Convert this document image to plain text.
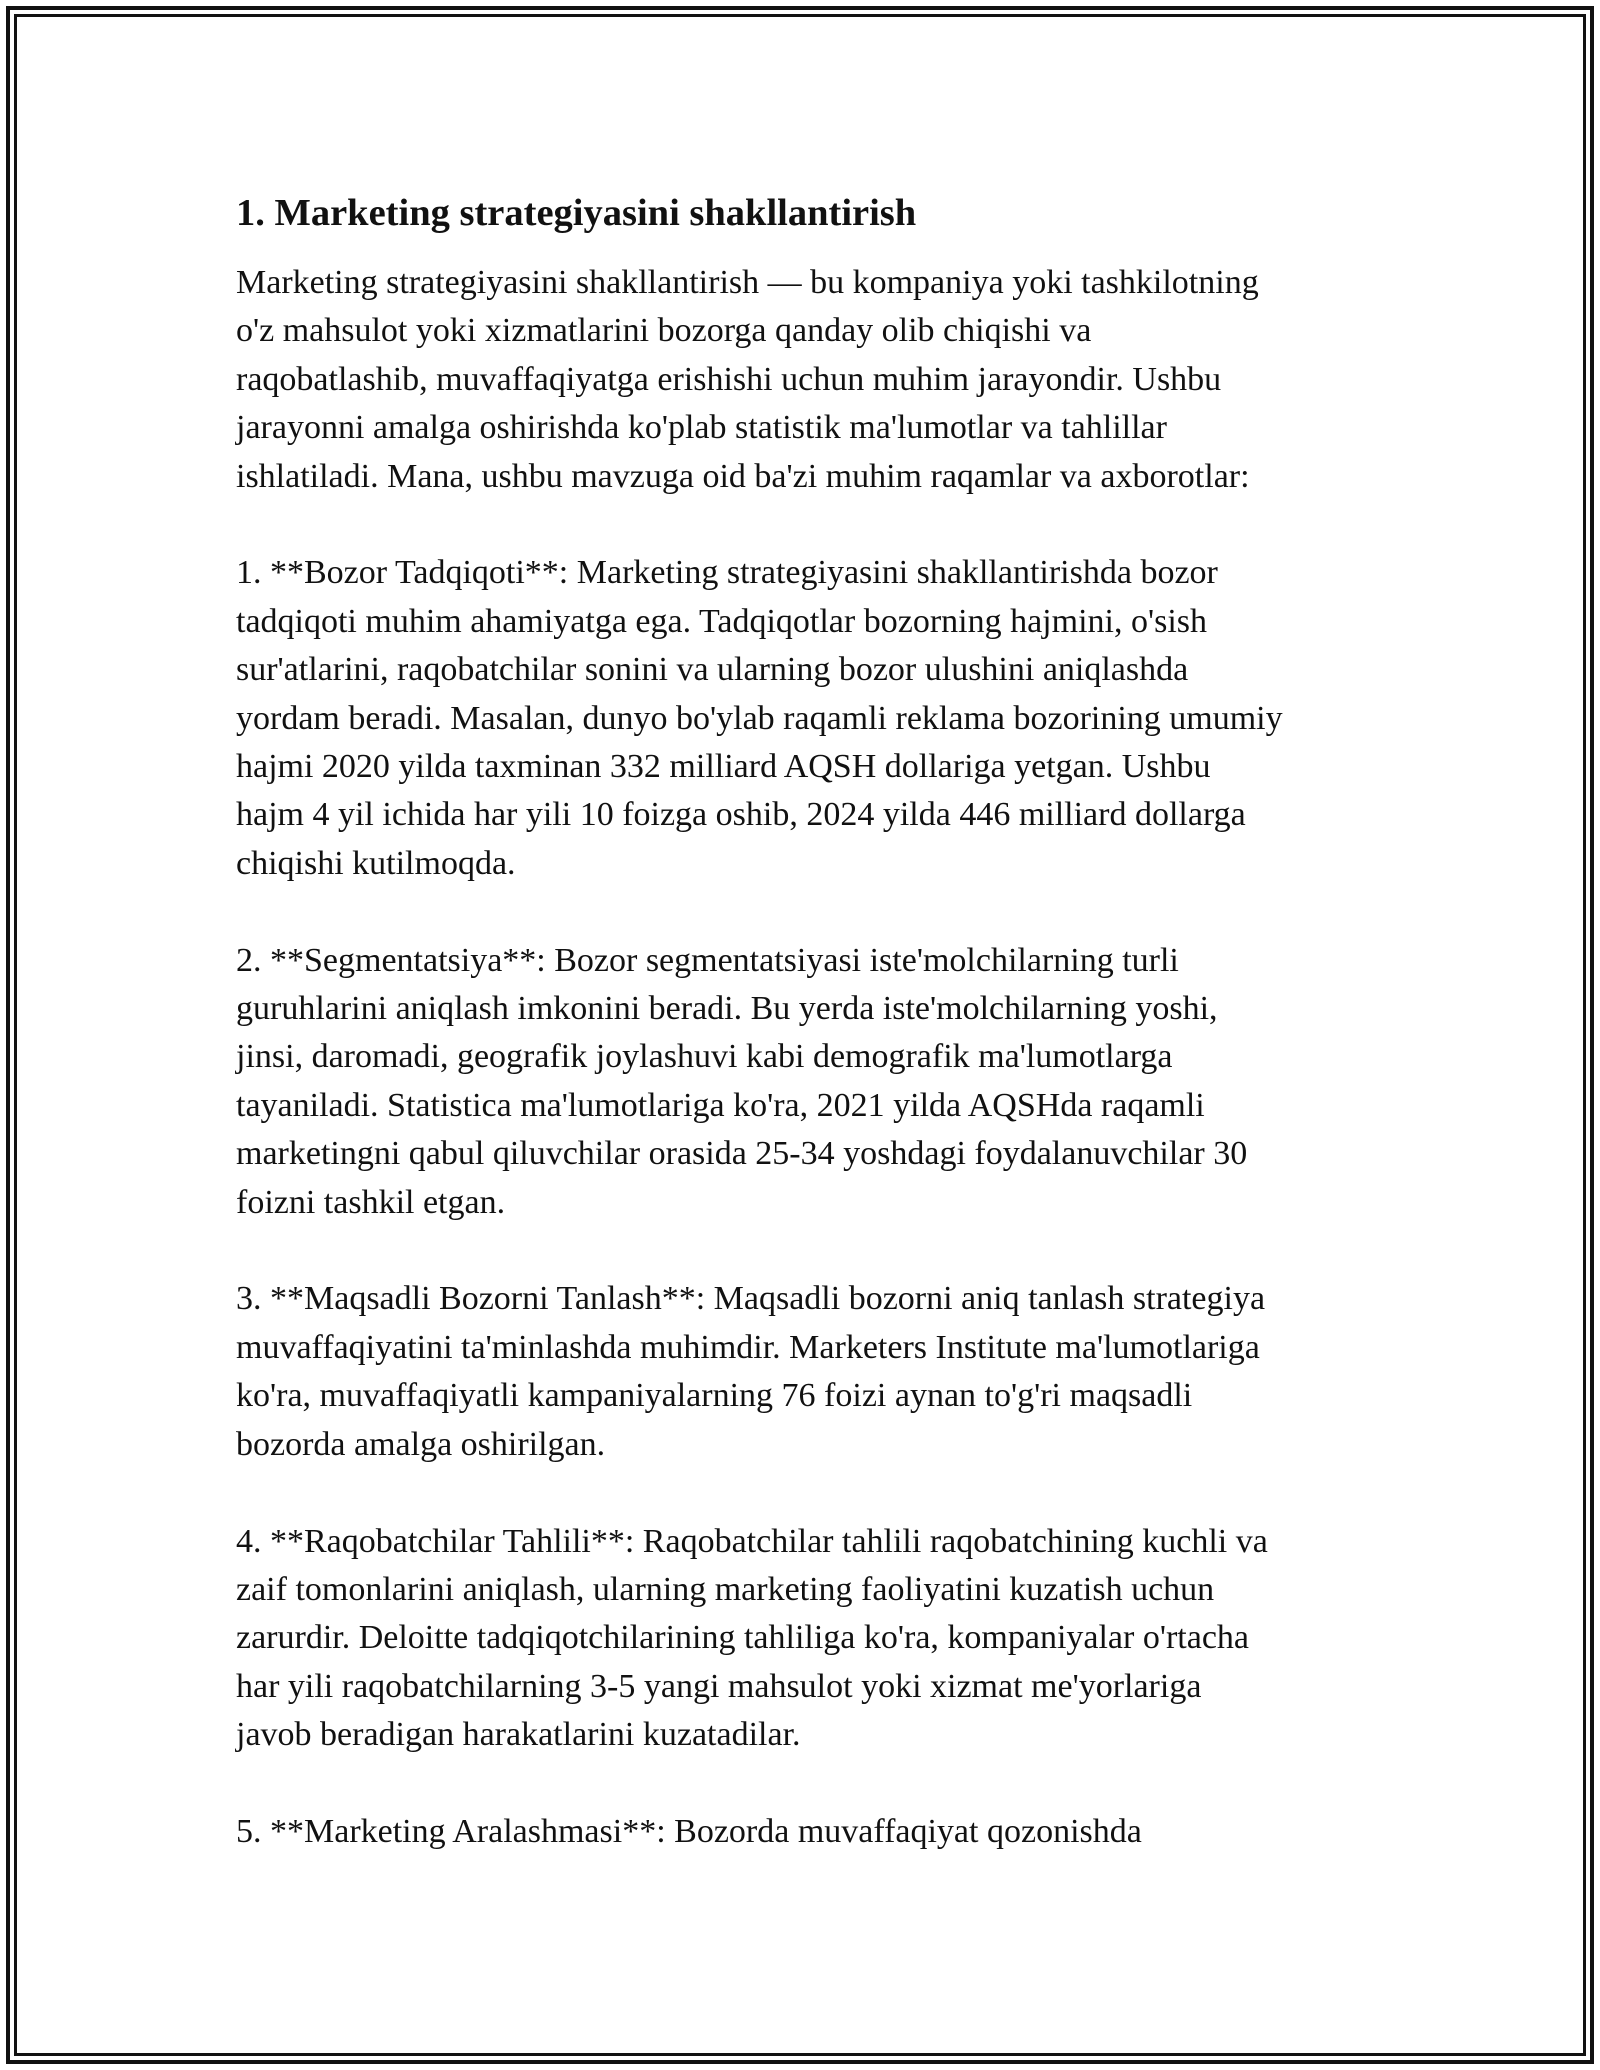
1. Marketing strategiyasini shakllantirish

Marketing strategiyasini shakllantirish — bu kompaniya yoki tashkilotning
o'z mahsulot yoki xizmatlarini bozorga qanday olib chiqishi va
raqobatlashib, muvaffaqiyatga erishishi uchun muhim jarayondir. Ushbu
jarayonni amalga oshirishda ko'plab statistik ma'lumotlar va tahlillar
ishlatiladi. Mana, ushbu mavzuga oid ba'zi muhim raqamlar va axborotlar:

1. **Bozor Tadqiqoti**: Marketing strategiyasini shakllantirishda bozor
tadqiqoti muhim ahamiyatga ega. Tadqiqotlar bozorning hajmini, o'sish
sur'atlarini, raqobatchilar sonini va ularning bozor ulushini aniqlashda
yordam beradi. Masalan, dunyo bo'ylab raqamli reklama bozorining umumiy
hajmi 2020 yilda taxminan 332 milliard AQSH dollariga yetgan. Ushbu
hajm 4 yil ichida har yili 10 foizga oshib, 2024 yilda 446 milliard dollarga
chiqishi kutilmoqda.

2. **Segmentatsiya**: Bozor segmentatsiyasi iste'molchilarning turli
guruhlarini aniqlash imkonini beradi. Bu yerda iste'molchilarning yoshi,
jinsi, daromadi, geografik joylashuvi kabi demografik ma'lumotlarga
tayaniladi. Statistica ma'lumotlariga ko'ra, 2021 yilda AQSHda raqamli
marketingni qabul qiluvchilar orasida 25-34 yoshdagi foydalanuvchilar 30
foizni tashkil etgan.

3. **Maqsadli Bozorni Tanlash**: Maqsadli bozorni aniq tanlash strategiya
muvaffaqiyatini ta'minlashda muhimdir. Marketers Institute ma'lumotlariga
ko'ra, muvaffaqiyatli kampaniyalarning 76 foizi aynan to'g'ri maqsadli
bozorda amalga oshirilgan.

4. **Raqobatchilar Tahlili**: Raqobatchilar tahlili raqobatchining kuchli va
zaif tomonlarini aniqlash, ularning marketing faoliyatini kuzatish uchun
zarurdir. Deloitte tadqiqotchilarining tahliliga ko'ra, kompaniyalar o'rtacha
har yili raqobatchilarning 3-5 yangi mahsulot yoki xizmat me'yorlariga
javob beradigan harakatlarini kuzatadilar.

5. **Marketing Aralashmasi**: Bozorda muvaffaqiyat qozonishda
